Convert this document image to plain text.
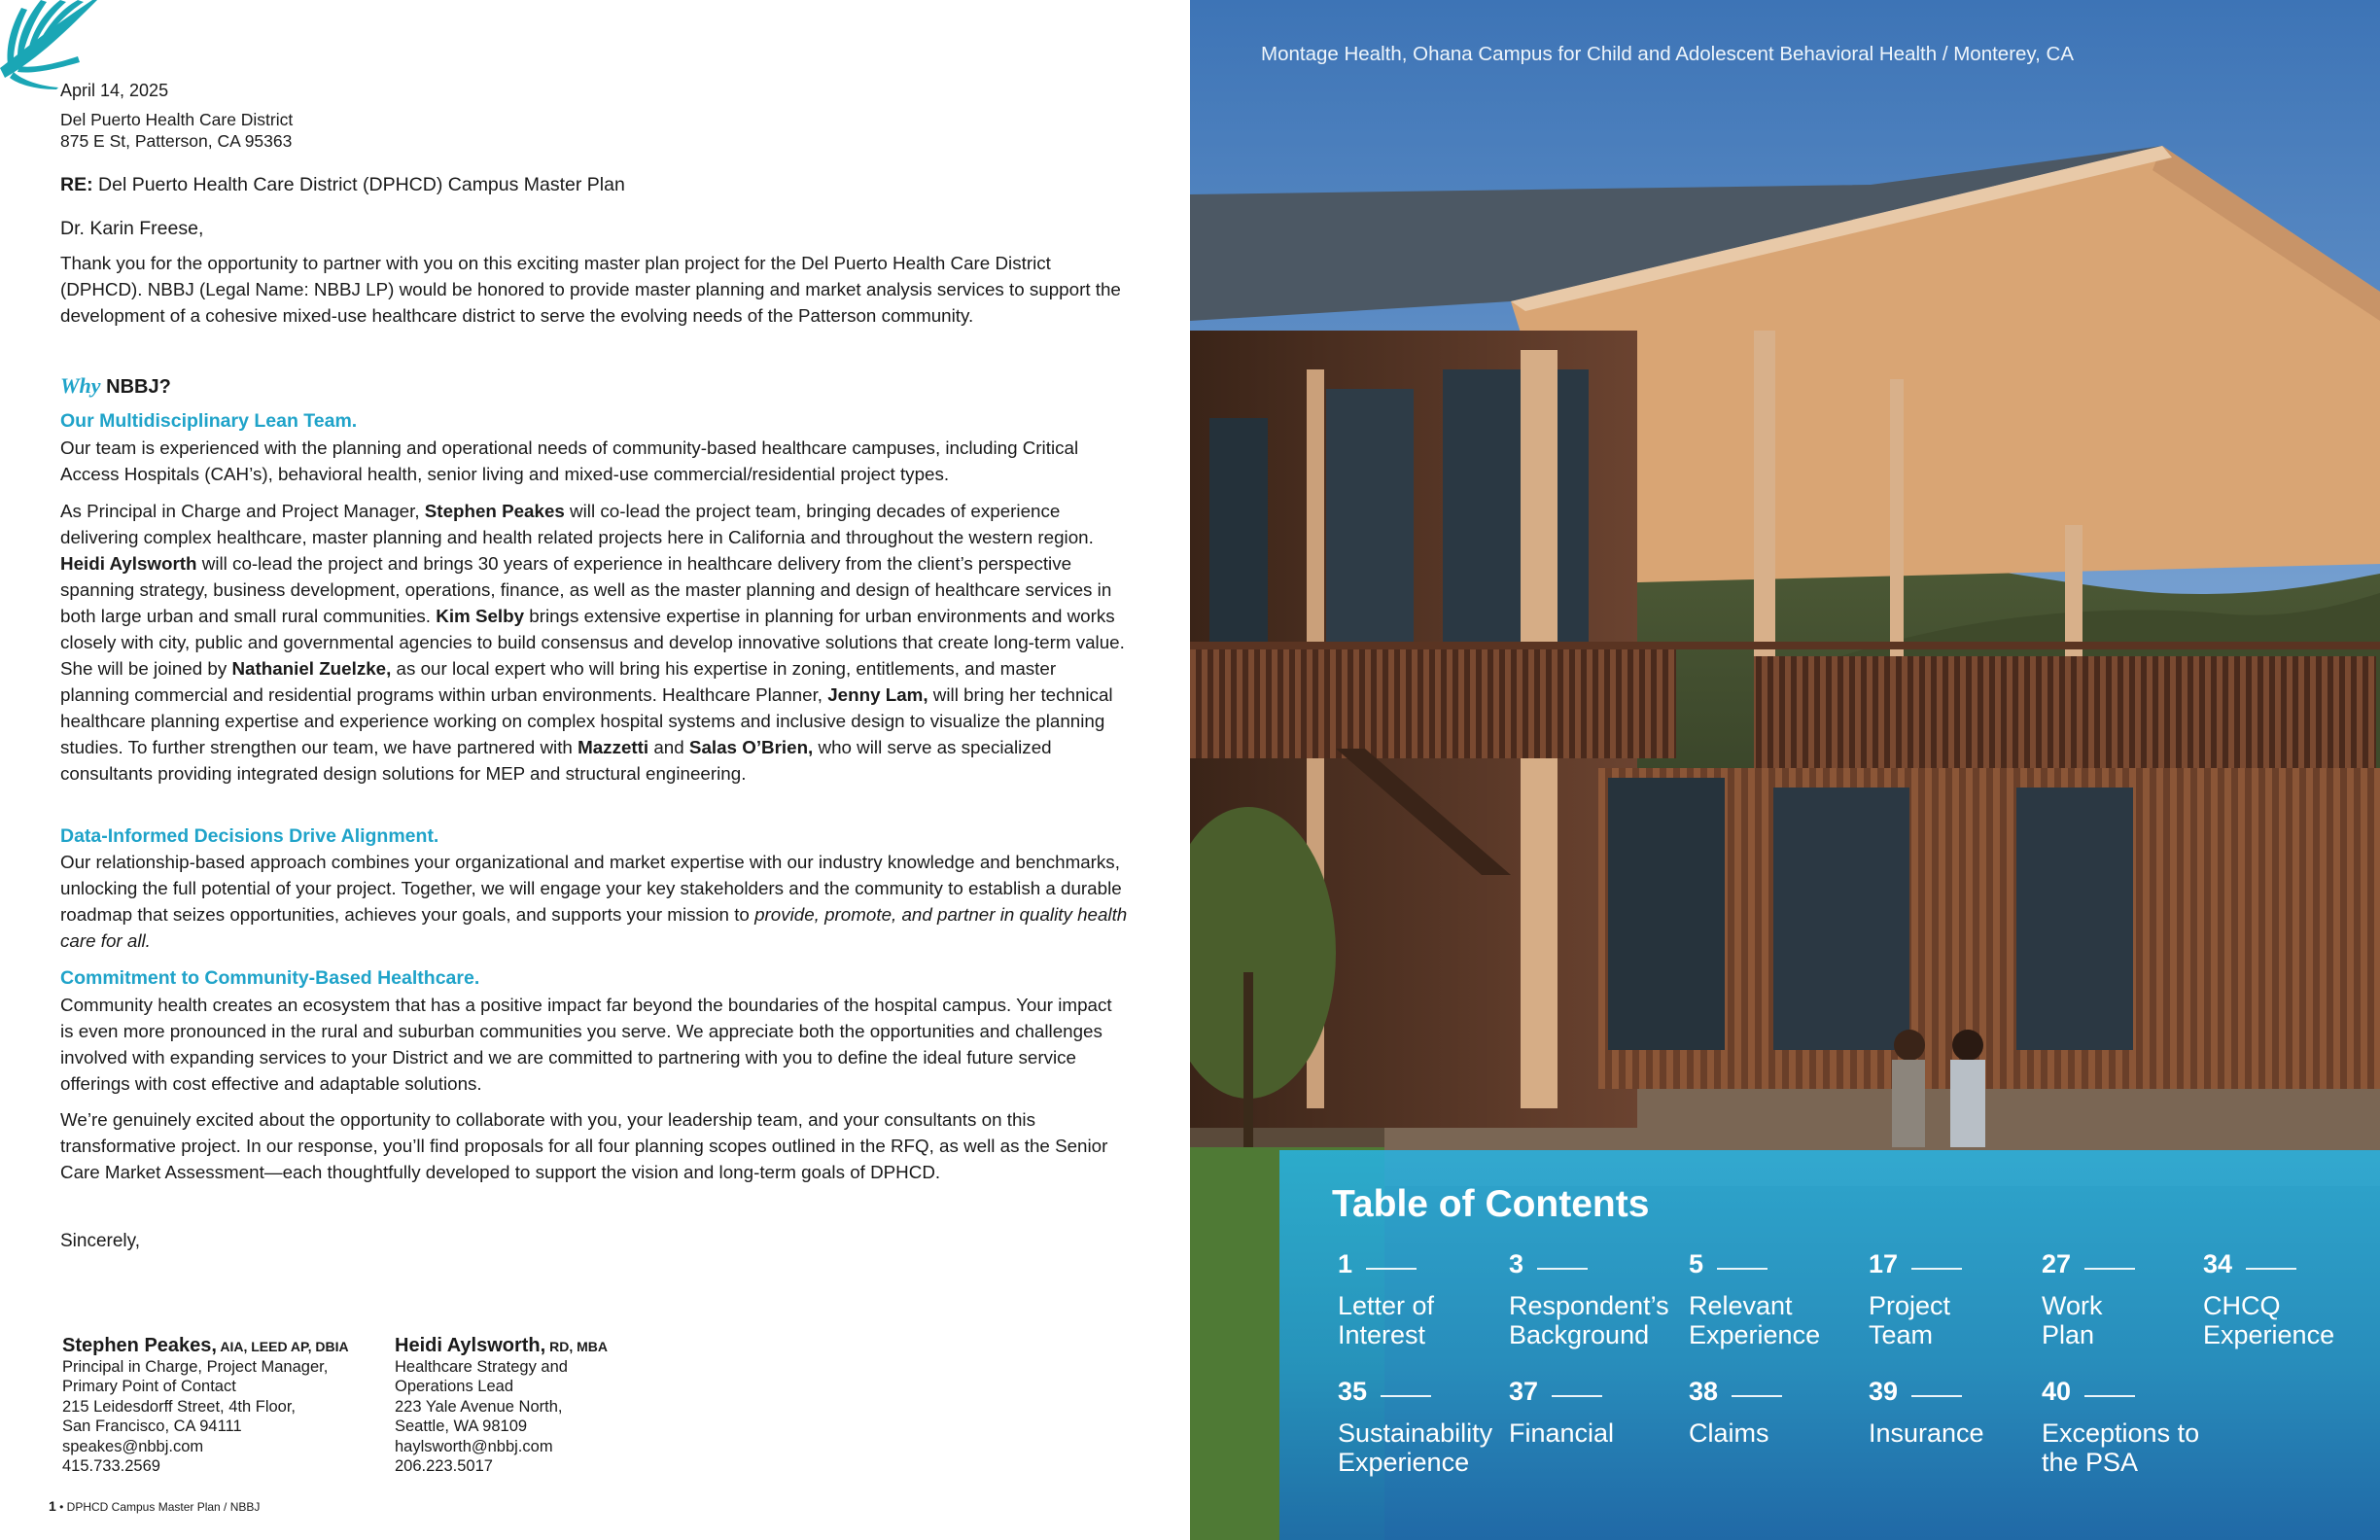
April 14, 2025
Del Puerto Health Care District
875 E St, Patterson, CA 95363
RE: Del Puerto Health Care District (DPHCD) Campus Master Plan
Dr. Karin Freese,
Thank you for the opportunity to partner with you on this exciting master plan project for the Del Puerto Health Care District (DPHCD). NBBJ (Legal Name: NBBJ LP) would be honored to provide master planning and market analysis services to support the development of a cohesive mixed-use healthcare district to serve the evolving needs of the Patterson community.
Why NBBJ?
Our Multidisciplinary Lean Team.
Our team is experienced with the planning and operational needs of community-based healthcare campuses, including Critical Access Hospitals (CAH’s), behavioral health, senior living and mixed-use commercial/residential project types.
As Principal in Charge and Project Manager, Stephen Peakes will co-lead the project team, bringing decades of experience delivering complex healthcare, master planning and health related projects here in California and throughout the western region. Heidi Aylsworth will co-lead the project and brings 30 years of experience in healthcare delivery from the client’s perspective spanning strategy, business development, operations, finance, as well as the master planning and design of healthcare services in both large urban and small rural communities. Kim Selby brings extensive expertise in planning for urban environments and works closely with city, public and governmental agencies to build consensus and develop innovative solutions that create long-term value. She will be joined by Nathaniel Zuelzke, as our local expert who will bring his expertise in zoning, entitlements, and master planning commercial and residential programs within urban environments. Healthcare Planner, Jenny Lam, will bring her technical healthcare planning expertise and experience working on complex hospital systems and inclusive design to visualize the planning studies. To further strengthen our team, we have partnered with Mazzetti and Salas O’Brien, who will serve as specialized consultants providing integrated design solutions for MEP and structural engineering.
Data-Informed Decisions Drive Alignment.
Our relationship-based approach combines your organizational and market expertise with our industry knowledge and benchmarks, unlocking the full potential of your project. Together, we will engage your key stakeholders and the community to establish a durable roadmap that seizes opportunities, achieves your goals, and supports your mission to provide, promote, and partner in quality health care for all.
Commitment to Community-Based Healthcare.
Community health creates an ecosystem that has a positive impact far beyond the boundaries of the hospital campus. Your impact is even more pronounced in the rural and suburban communities you serve. We appreciate both the opportunities and challenges involved with expanding services to your District and we are committed to partnering with you to define the ideal future service offerings with cost effective and adaptable solutions.
We’re genuinely excited about the opportunity to collaborate with you, your leadership team, and your consultants on this transformative project. In our response, you’ll find proposals for all four planning scopes outlined in the RFQ, as well as the Senior Care Market Assessment—each thoughtfully developed to support the vision and long-term goals of DPHCD.
Sincerely,
Stephen Peakes, AIA, LEED AP, DBIA
Principal in Charge, Project Manager,
Primary Point of Contact
215 Leidesdorff Street, 4th Floor,
San Francisco, CA 94111
speakes@nbbj.com
415.733.2569
Heidi Aylsworth, RD, MBA
Healthcare Strategy and
Operations Lead
223 Yale Avenue North,
Seattle, WA 98109
haylsworth@nbbj.com
206.223.5017
1 • DPHCD Campus Master Plan / NBBJ
Montage Health, Ohana Campus for Child and Adolescent Behavioral Health / Monterey, CA
Table of Contents
1
Letter of
Interest
3
Respondent’s
Background
5
Relevant
Experience
17
Project
Team
27
Work
Plan
34
CHCQ
Experience
35
Sustainability
Experience
37
Financial
38
Claims
39
Insurance
40
Exceptions to
the PSA
